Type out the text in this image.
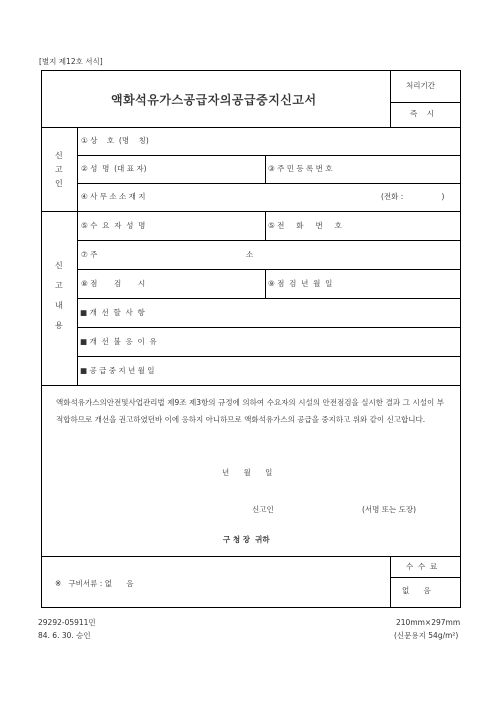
[별지 제12호 서식]
액화석유가스공급자의공급중지신고서
처리기간
즉    시
신
고
인
① 상    호  (명    칭)
② 성  명  (대 표 자)	③ 주 민 등 록 번 호
④ 사 무 소 소 재 지	(전화 :                )
신
고
내
용
⑤ 수  요  자  성  명	⑤ 전     화     번     호
⑦ 주	소
⑧ 점       검       시	⑨ 점  검  년  월  일
■ 개  선  할  사  항
■ 개  선  불  응  이  유
■ 공 급 중 지 년 월 일
액화석유가스의안전및사업관리법 제9조 제3항의 규정에 의하여 수요자의 시설의 안전점검을 실시한 결과 그 시설이 부적합하므로 개선을 권고하였던바 이에 응하지 아니하므로 액화석유가스의 공급을 중지하고 위와 같이 신고합니다.
년      월      일
신고인	(서명 또는 도장)
구 청 장  귀하
※   구비서류 : 없      음
수  수  료
없      음
29292-05911민
84. 6. 30. 승인
210mm×297mm
(신문용지 54g/m²)
